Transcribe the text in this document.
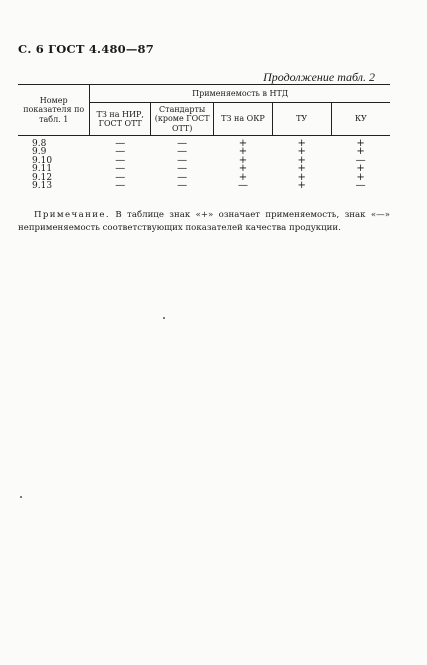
С. 6 ГОСТ 4.480—87
Продолжение табл. 2
Номер показателя по табл. 1	Применяемость в НТД				
	ТЗ на НИР, ГОСТ ОТТ	Стандарты (кроме ГОСТ ОТТ)	ТЗ на ОКР	ТУ	КУ
9.8	—	—	+	+	+
9.9	—	—	+	+	+
9.10	—	—	+	+	—
9.11	—	—	+	+	+
9.12	—	—	+	+	+
9.13	—	—	—	+	—
Примечание. В таблице знак «+» означает применяемость, знак «—» неприменяемость соответствующих показателей качества продукции.
